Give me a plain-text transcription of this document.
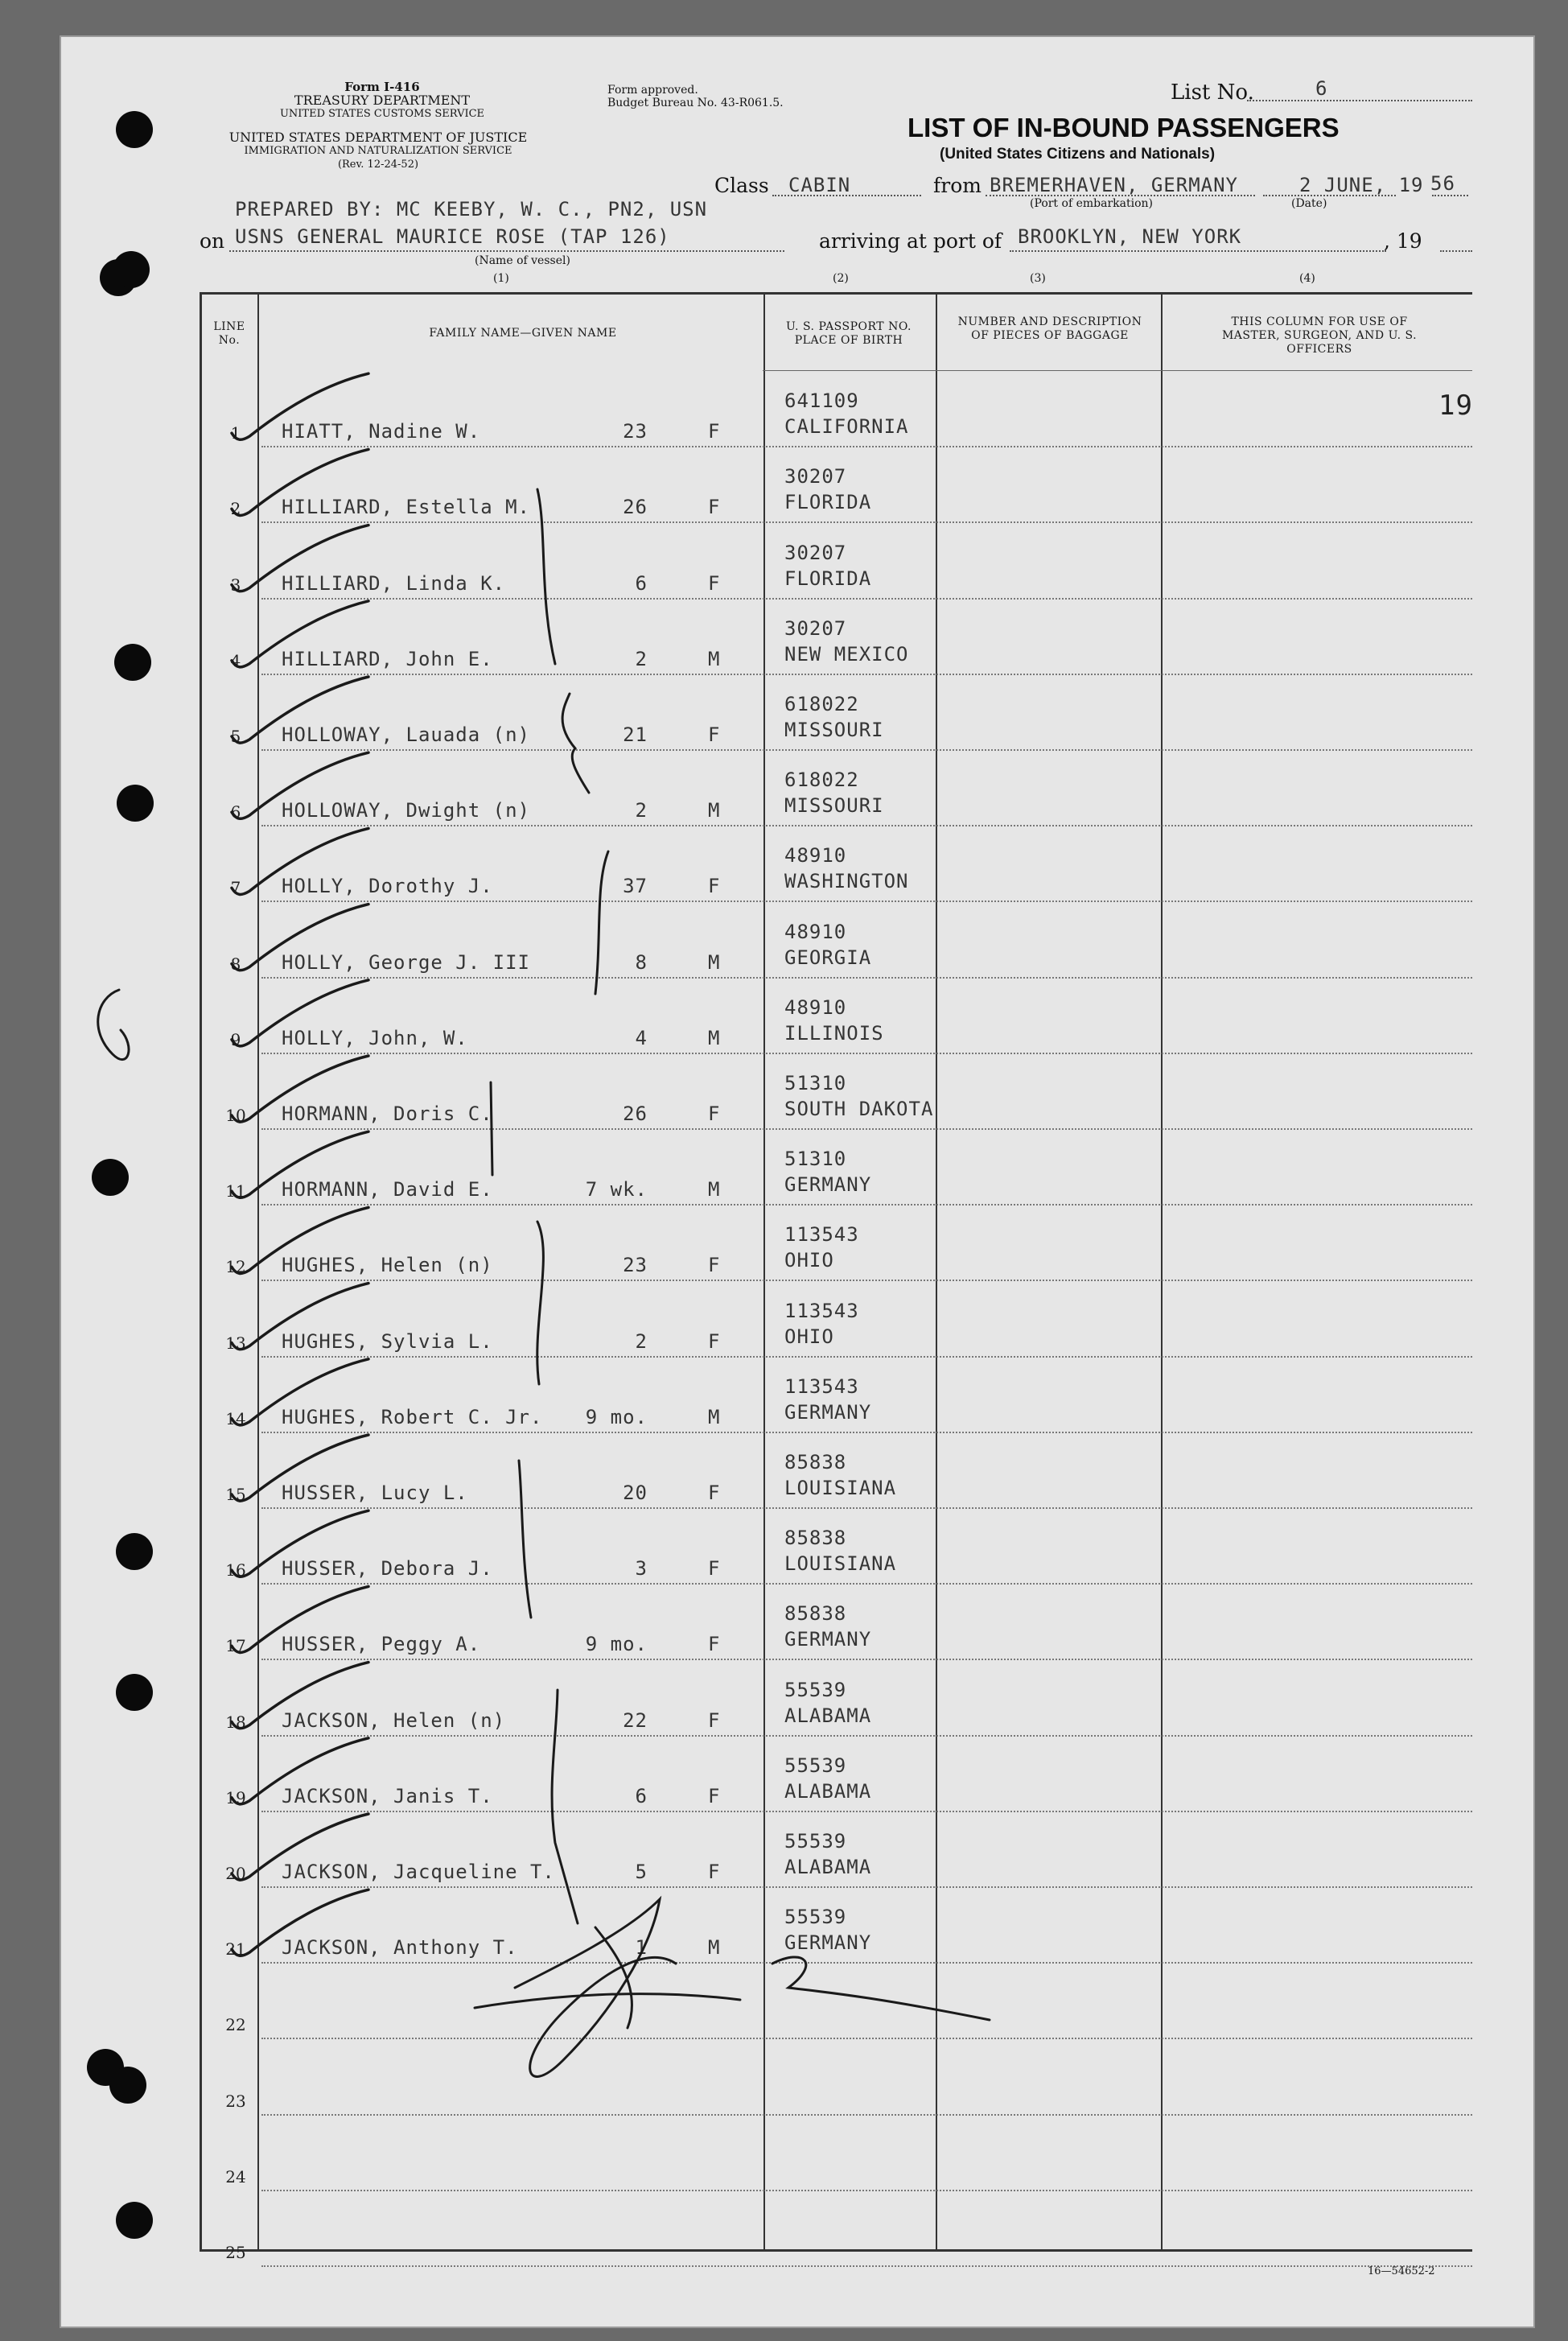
Form I-416
TREASURY DEPARTMENT
UNITED STATES CUSTOMS SERVICE
UNITED STATES DEPARTMENT OF JUSTICE
IMMIGRATION AND NATURALIZATION SERVICE
(Rev. 12-24-52)
Form approved.
Budget Bureau No. 43-R061.5.	List No.	6
LIST OF IN-BOUND PASSENGERS
(United States Citizens and Nationals)
Class CABIN	from BREMERHAVEN, GERMANY
(Port of embarkation)
2 JUNE, 19 56
(Date)
PREPARED BY: MC KEEBY, W. C., PN2, USN
on USNS GENERAL MAURICE ROSE (TAP 126)
(Name of vessel)
arriving at port of BROOKLYN, NEW YORK	, 19
(1)	(2)	(3)	(4)
LINE No.
FAMILY NAME—GIVEN NAME	U. S. PASSPORT NO. PLACE OF BIRTH
NUMBER AND DESCRIPTION OF PIECES OF BAGGAGE
THIS COLUMN FOR USE OF MASTER, SURGEON, AND U. S. OFFICERS
1	HIATT, Nadine W.	23	F
641109
CALIFORNIA
2	HILLIARD, Estella M.	26	F
30207
FLORIDA
3	HILLIARD, Linda K.	6	F
30207
FLORIDA
4	HILLIARD, John E.	2	M
30207
NEW MEXICO
5	HOLLOWAY, Lauada (n)	21	F
618022
MISSOURI
6	HOLLOWAY, Dwight (n)	2	M
618022
MISSOURI
7	HOLLY, Dorothy J.	37	F
48910
WASHINGTON
8	HOLLY, George J. III	8	M
48910
GEORGIA
9	HOLLY, John, W.	4	M
48910
ILLINOIS
10	HORMANN, Doris C.	26	F
51310
SOUTH DAKOTA
11	HORMANN, David E.	7 wk.	M
51310
GERMANY
12	HUGHES, Helen (n)	23	F
113543
OHIO
13	HUGHES, Sylvia L.	2	F
113543
OHIO
14	HUGHES, Robert C. Jr.	9 mo.	M
113543
GERMANY
15	HUSSER, Lucy L.	20	F
85838
LOUISIANA
16	HUSSER, Debora J.	3	F
85838
LOUISIANA
17	HUSSER, Peggy A.	9 mo.	F
85838
GERMANY
18	JACKSON, Helen (n)	22	F
55539
ALABAMA
19	JACKSON, Janis T.	6	F
55539
ALABAMA
20	JACKSON, Jacqueline T.	5	F
55539
ALABAMA
21	JACKSON, Anthony T.	1	M
55539
GERMANY
22
23
24
25
19
16—54652-2
